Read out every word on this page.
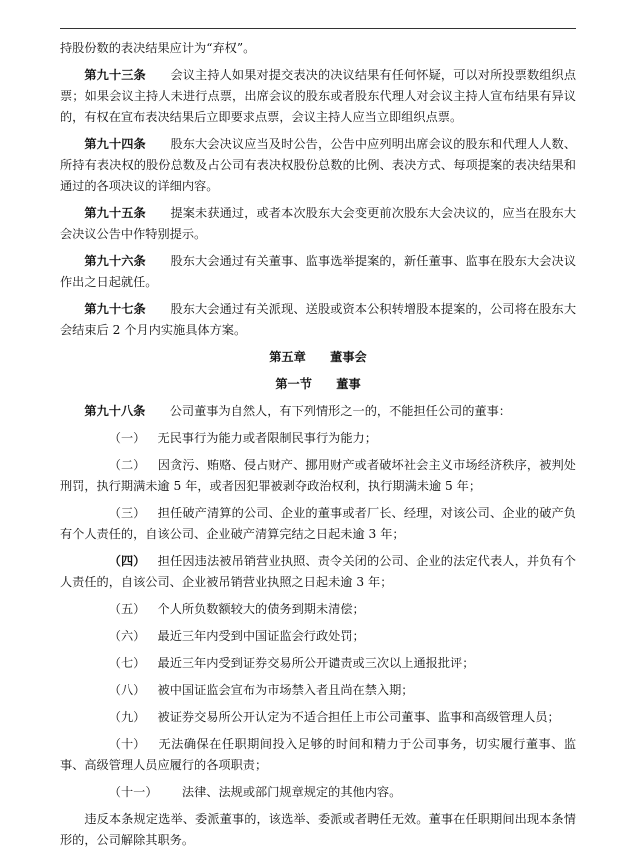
持股份数的表决结果应计为“弃权”。

第九十三条　　 会议主持人如果对提交表决的决议结果有任何怀疑，可以对所投票数组织点票；如果会议主持人未进行点票，出席会议的股东或者股东代理人对会议主持人宣布结果有异议的，有权在宣布表决结果后立即要求点票，会议主持人应当立即组织点票。

第九十四条　　 股东大会决议应当及时公告，公告中应列明出席会议的股东和代理人人数、所持有表决权的股份总数及占公司有表决权股份总数的比例、表决方式、每项提案的表决结果和通过的各项决议的详细内容。

第九十五条　　 提案未获通过，或者本次股东大会变更前次股东大会决议的，应当在股东大会决议公告中作特别提示。

第九十六条　　 股东大会通过有关董事、监事选举提案的，新任董事、监事在股东大会决议作出之日起就任。

第九十七条　　 股东大会通过有关派现、送股或资本公积转增股本提案的，公司将在股东大会结束后 2 个月内实施具体方案。

第五章　　董事会

第一节　　董事

第九十八条　　 公司董事为自然人，有下列情形之一的，不能担任公司的董事：

（一）　 无民事行为能力或者限制民事行为能力；

（二）　 因贪污、贿赂、侵占财产、挪用财产或者破坏社会主义市场经济秩序，被判处刑罚，执行期满未逾 5 年，或者因犯罪被剥夺政治权利，执行期满未逾 5 年；

（三）　 担任破产清算的公司、企业的董事或者厂长、经理，对该公司、企业的破产负有个人责任的，自该公司、企业破产清算完结之日起未逾 3 年；

（四）　 担任因违法被吊销营业执照、责令关闭的公司、企业的法定代表人，并负有个人责任的，自该公司、企业被吊销营业执照之日起未逾 3 年；

（五）　 个人所负数额较大的债务到期未清偿；

（六）　 最近三年内受到中国证监会行政处罚；

（七）　 最近三年内受到证券交易所公开谴责或三次以上通报批评；

（八）　 被中国证监会宣布为市场禁入者且尚在禁入期；

（九）　 被证券交易所公开认定为不适合担任上市公司董事、监事和高级管理人员；

（十）　 无法确保在任职期间投入足够的时间和精力于公司事务，切实履行董事、监事、高级管理人员应履行的各项职责；

（十一）　　 法律、法规或部门规章规定的其他内容。

违反本条规定选举、委派董事的，该选举、委派或者聘任无效。董事在任职期间出现本条情形的，公司解除其职务。
